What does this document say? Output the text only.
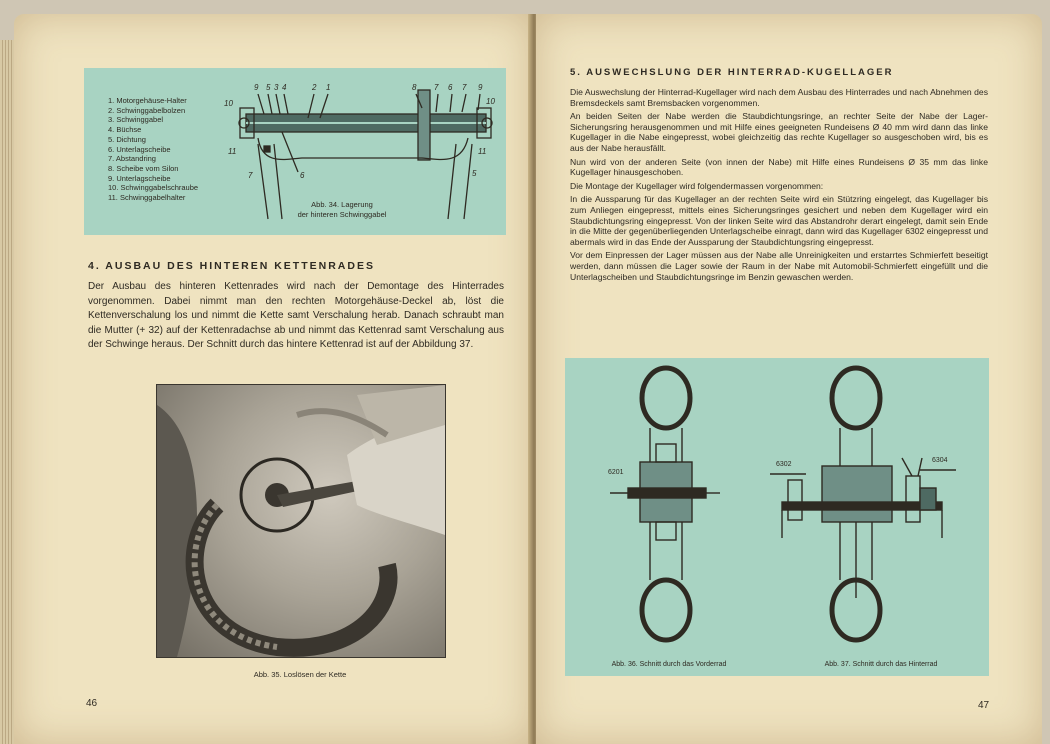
1. Motorgehäuse-Halter
2. Schwinggabelbolzen
3. Schwinggabel
4. Büchse
5. Dichtung
6. Unterlagscheibe
7. Abstandring
8. Scheibe vom Silon
9. Unterlagscheibe
10. Schwinggabelschraube
11. Schwinggabelhalter
9 5 3 4	2 1	8 7 6 7 9
10	10
11	11
7	6	5
Abb. 34. Lagerung
der hinteren Schwinggabel
4. AUSBAU DES HINTEREN KETTENRADES
Der Ausbau des hinteren Kettenrades wird nach der Demontage des Hinterrades vorgenommen. Dabei nimmt man den rechten Motorgehäuse-Deckel ab, löst die Kettenverschalung los und nimmt die Kette samt Verschalung herab. Danach schraubt man die Mutter (+ 32) auf der Kettenradachse ab und nimmt das Kettenrad samt Verschalung aus der Schwinge heraus. Der Schnitt durch das hintere Kettenrad ist auf der Abbildung 37.
Abb. 35. Loslösen der Kette
46
5. AUSWECHSLUNG DER HINTERRAD-KUGELLAGER

Die Auswechslung der Hinterrad-Kugellager wird nach dem Ausbau des Hinterrades und nach Abnehmen des Bremsdeckels samt Bremsbacken vorgenommen.

An beiden Seiten der Nabe werden die Staubdichtungsringe, an rechter Seite der Nabe der Lager-Sicherungsring herausgenommen und mit Hilfe eines geeigneten Rundeisens Ø 40 mm wird dann das linke Kugellager in die Nabe eingepresst, wobei gleichzeitig das rechte Kugellager so ausgeschoben wird, bis es aus der Nabe herausfällt.

Nun wird von der anderen Seite (von innen der Nabe) mit Hilfe eines Rundeisens Ø 35 mm das linke Kugellager hinausgeschoben.

Die Montage der Kugellager wird folgendermassen vorgenommen:

In die Aussparung für das Kugellager an der rechten Seite wird ein Stützring eingelegt, das Kugellager bis zum Anliegen eingepresst, mittels eines Sicherungsringes gesichert und neben dem Kugellager wird ein Staubdichtungsring eingepresst. Von der linken Seite wird das Abstandrohr derart eingelegt, damit sein Ende in die Mitte der gegenüberliegenden Unterlagscheibe einragt, dann wird das Kugellager 6302 eingepresst und abermals wird in das Ende der Aussparung der Staubdichtungsring eingepresst.

Vor dem Einpressen der Lager müssen aus der Nabe alle Unreinigkeiten und erstarrtes Schmierfett beseitigt werden, dann müssen die Lager sowie der Raum in der Nabe mit Automobil-Schmierfett eingefüllt und die Unterlagscheiben und Staubdichtungsringe im Benzin gewaschen werden.

6201
6302
6304
Abb. 36. Schnitt durch das Vorderrad	Abb. 37. Schnitt durch das Hinterrad
47
